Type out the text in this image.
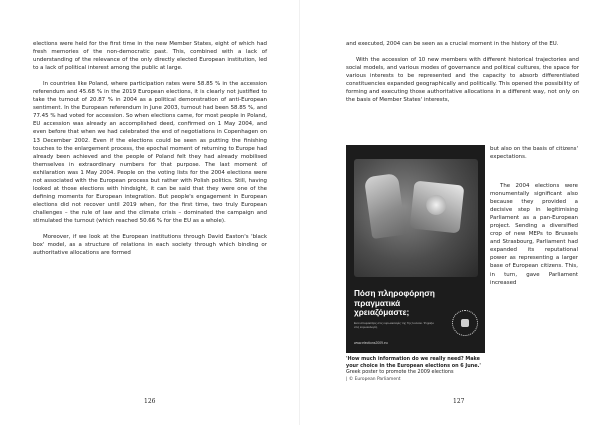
elections were held for the first time in the new Member States, eight of which had fresh memories of the non-democratic past. This, combined with a lack of understanding of the relevance of the only directly elected European institution, led to a lack of political interest among the public at large.

In countries like Poland, where participation rates were 58.85 % in the accession referendum and 45.68 % in the 2019 European elections, it is clearly not justified to take the turnout of 20.87 % in 2004 as a political demonstration of anti-European sentiment. In the European referendum in June 2003, turnout had been 58.85 %, and 77.45 % had voted for accession. So when elections came, for most people in Poland, EU accession was already an accomplished deed, confirmed on 1 May 2004, and even before that when we had celebrated the end of negotiations in Copenhagen on 13 December 2002. Even if the elections could be seen as putting the finishing touches to the enlargement process, the epochal moment of returning to Europe had already been achieved and the people of Poland felt they had already mobilised themselves in extraordinary numbers for that purpose. The last moment of exhilaration was 1 May 2004. People on the voting lists for the 2004 elections were not associated with the European process but rather with Polish politics. Still, having looked at those elections with hindsight, it can be said that they were one of the defining moments for European integration. But people's engagement in European elections did not recover until 2019 when, for the first time, two truly European challenges – the rule of law and the climate crisis – dominated the campaign and stimulated the turnout (which reached 50.66 % for the EU as a whole).

Moreover, if we look at the European institutions through David Easton's 'black box' model, as a structure of relations in each society through which binding or authoritative allocations are formed

126

and executed, 2004 can be seen as a crucial moment in the history of the EU.

With the accession of 10 new members with different historical trajectories and social models, and various modes of governance and political cultures, the space for various interests to be represented and the capacity to absorb differentiated constituencies expanded geographically and politically. This opened the possibility of forming and executing those authoritative allocations in a different way, not only on the basis of Member States' interests,

but also on the basis of citizens' expectations.

The 2004 elections were monumentally significant also because they provided a decisive step in legitimising Parliament as a pan-European project. Sending a diversified crop of new MEPs to Brussels and Strasbourg, Parliament had expanded its reputational power as representing a larger base of European citizens. This, in turn, gave Parliament increased

Πόση πληροφόρηση πραγματικά χρειαζόμαστε;
Εσύ αποφασίζεις στις ευρωεκλογές της 7ης Ιουνίου. Ψηφίζω στις ευρωεκλογές.
www.elections2009.eu

'How much information do we really need? Make your choice in the European elections on 6 June.' Greek poster to promote the 2009 elections
| © European Parliament

127
